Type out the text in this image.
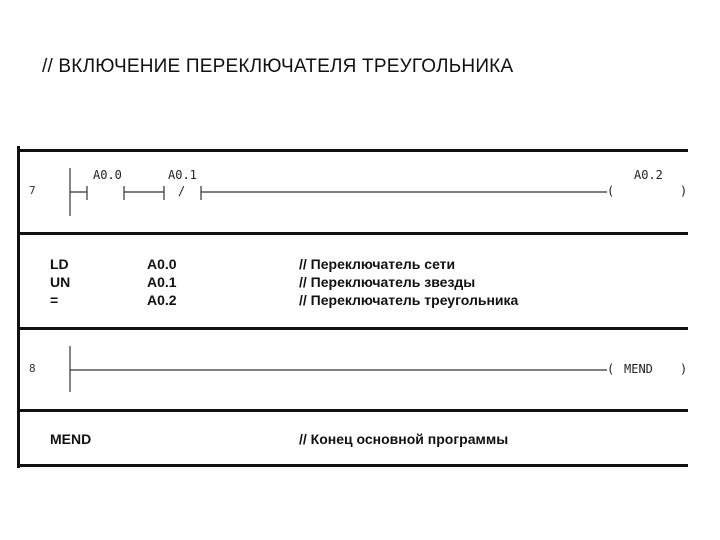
// ВКЛЮЧЕНИЕ ПЕРЕКЛЮЧАТЕЛЯ ТРЕУГОЛЬНИКА
7
A0.0	A0.1
/
A0.2
(	)
LD	A0.0	// Переключатель сети
UN	A0.1	// Переключатель звезды
=	A0.2	// Переключатель треугольника
8	( MEND )
MEND	// Конец основной программы
